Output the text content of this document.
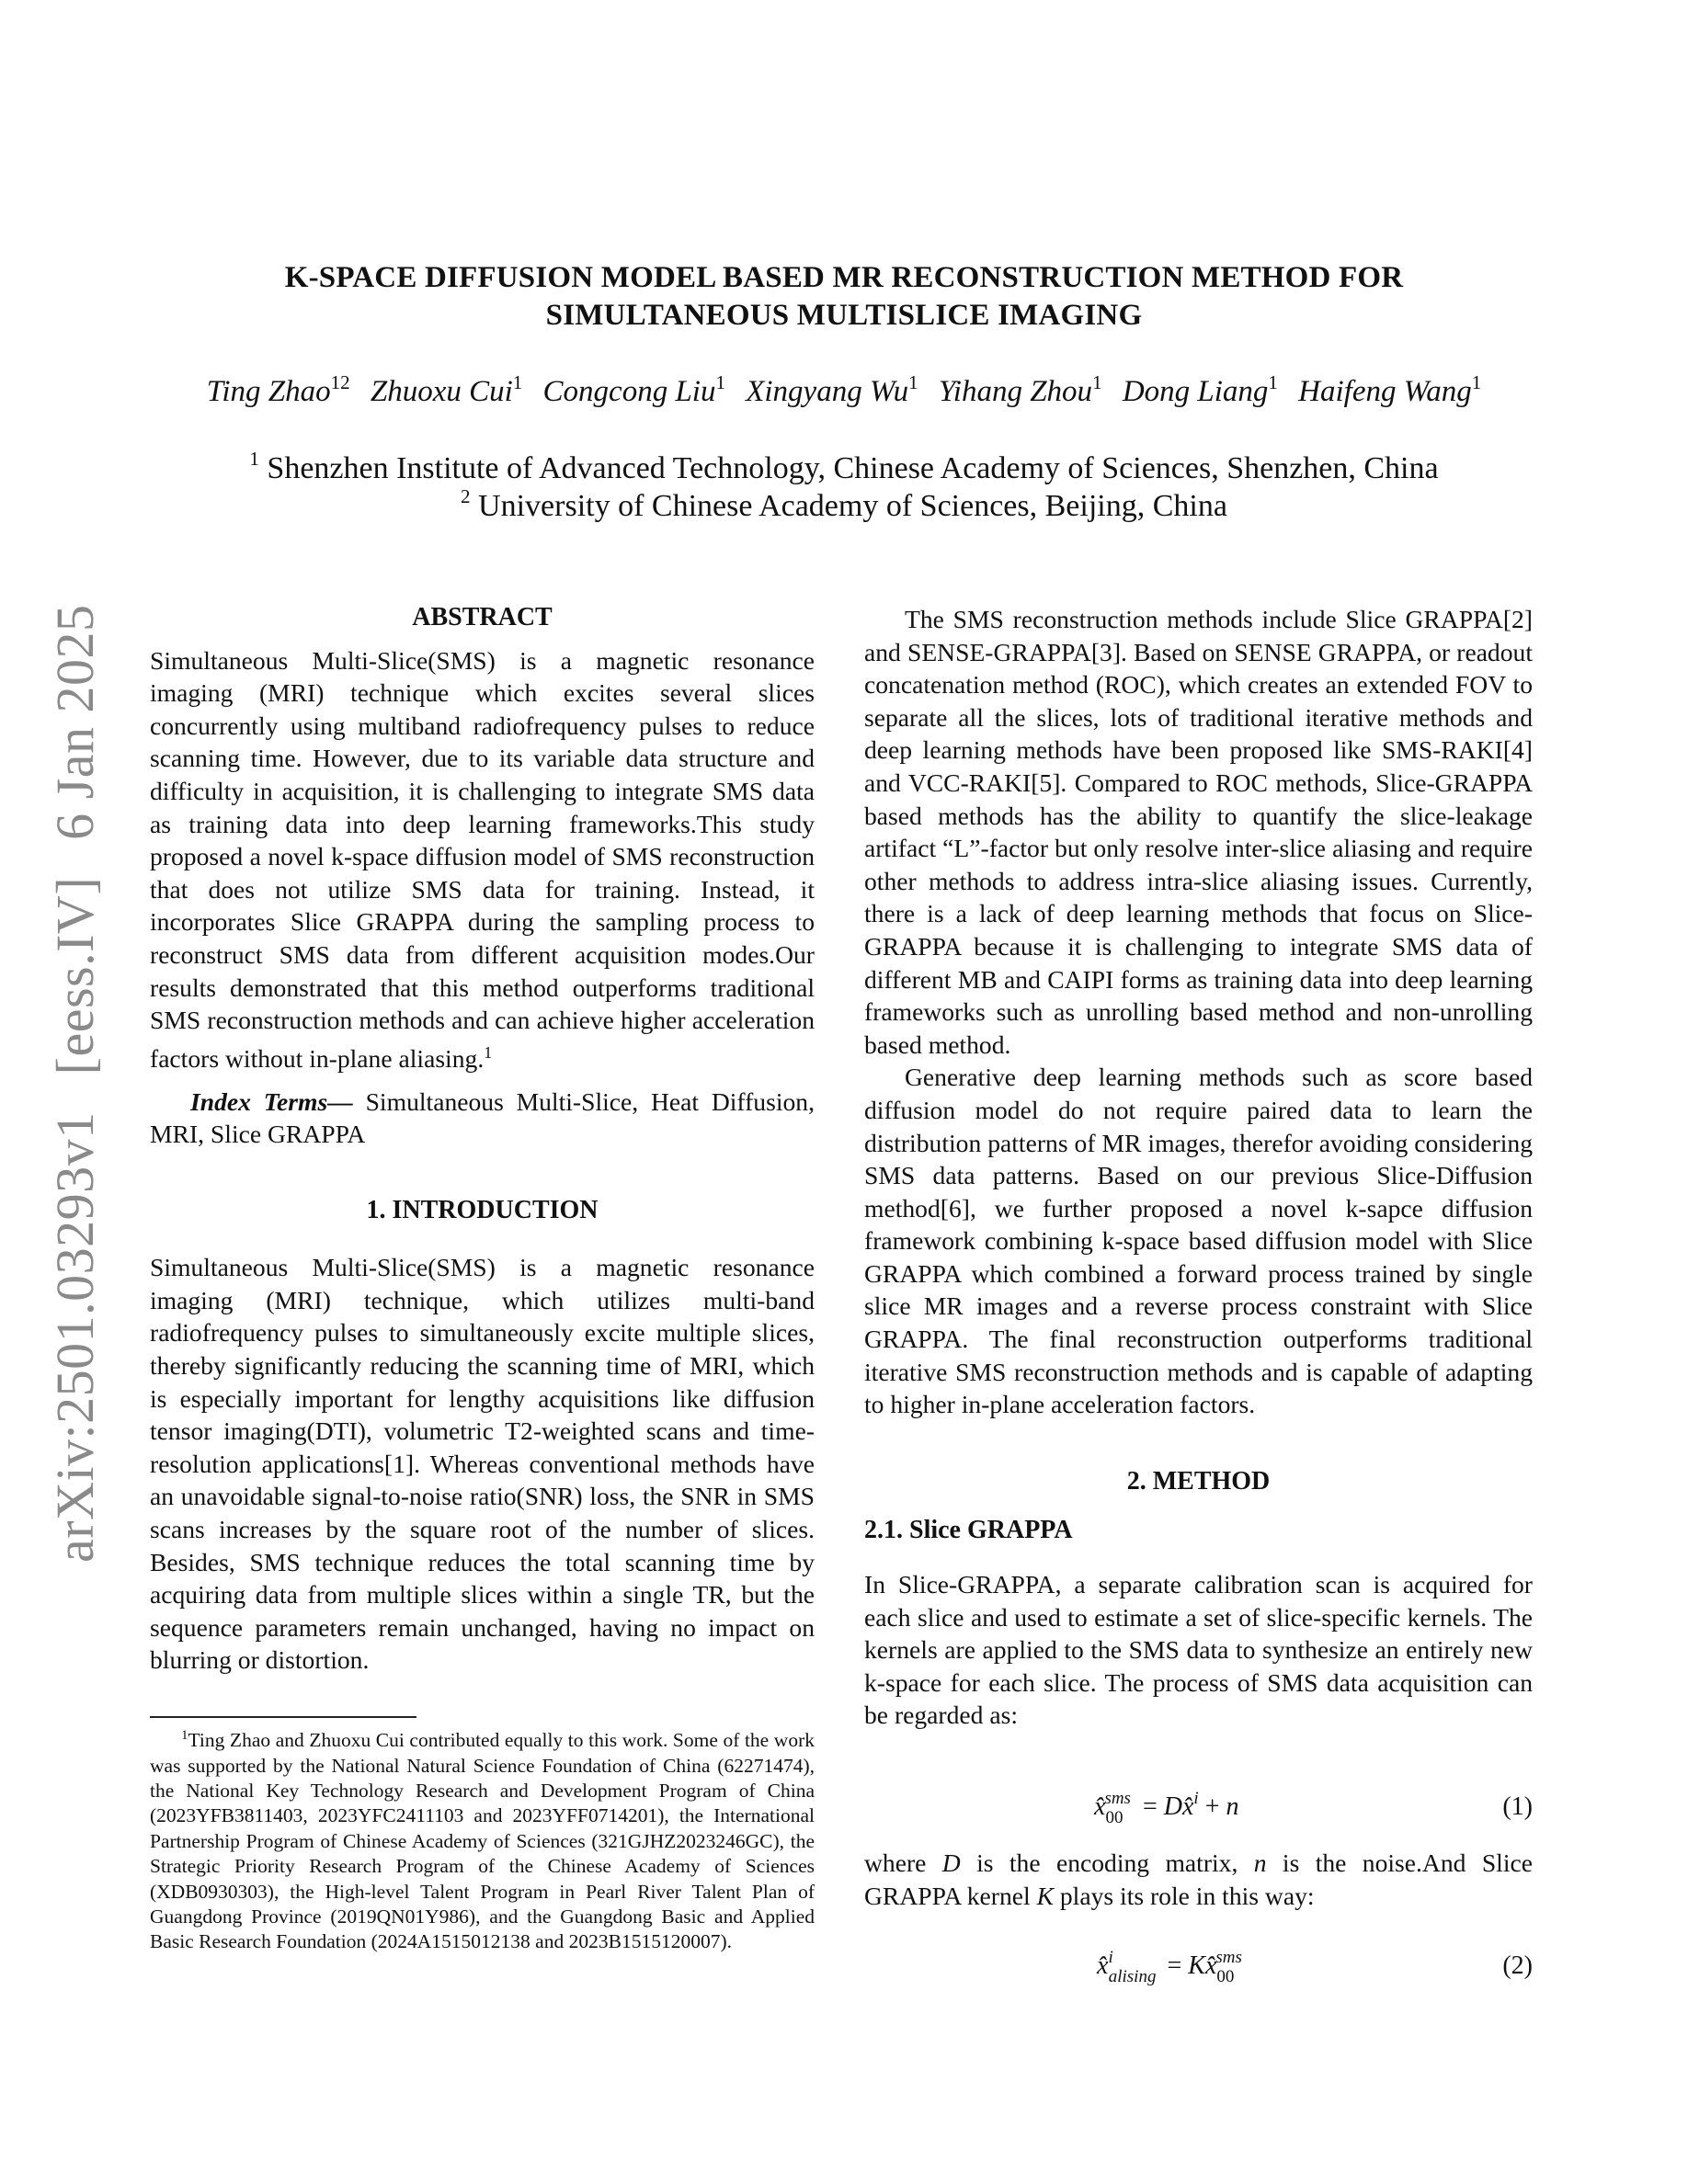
K-SPACE DIFFUSION MODEL BASED MR RECONSTRUCTION METHOD FOR
SIMULTANEOUS MULTISLICE IMAGING
Ting Zhao$^{12}$ Zhuoxu Cui$^1$ Congcong Liu$^1$ Xingyang Wu$^1$ Yihang Zhou$^1$ Dong Liang$^1$ Haifeng Wang$^1$
$^1$ Shenzhen Institute of Advanced Technology, Chinese Academy of Sciences, Shenzhen, China
$^2$ University of Chinese Academy of Sciences, Beijing, China
arXiv:2501.03293v1[eess.IV]6 Jan 2025	ABSTRACT

Simultaneous Multi-Slice(SMS) is a magnetic resonance imaging (MRI) technique which excites several slices concurrently using multiband radiofrequency pulses to reduce scanning time. However, due to its variable data structure and difficulty in acquisition, it is challenging to integrate SMS data as training data into deep learning frameworks.This study proposed a novel k-space diffusion model of SMS reconstruction that does not utilize SMS data for training. Instead, it incorporates Slice GRAPPA during the sampling process to reconstruct SMS data from different acquisition modes.Our results demonstrated that this method outperforms traditional SMS reconstruction methods and can achieve higher acceleration factors without in-plane aliasing.$^1$

Index Terms— Simultaneous Multi-Slice, Heat Diffusion, MRI, Slice GRAPPA

1. INTRODUCTION

Simultaneous Multi-Slice(SMS) is a magnetic resonance imaging (MRI) technique, which utilizes multi-band radiofrequency pulses to simultaneously excite multiple slices, thereby significantly reducing the scanning time of MRI, which is especially important for lengthy acquisitions like diffusion tensor imaging(DTI), volumetric T2-weighted scans and time-resolution applications[1]. Whereas conventional methods have an unavoidable signal-to-noise ratio(SNR) loss, the SNR in SMS scans increases by the square root of the number of slices. Besides, SMS technique reduces the total scanning time by acquiring data from multiple slices within a single TR, but the sequence parameters remain unchanged, having no impact on blurring or distortion.

$^1$Ting Zhao and Zhuoxu Cui contributed equally to this work. Some of the work was supported by the National Natural Science Foundation of China (62271474), the National Key Technology Research and Development Program of China (2023YFB3811403, 2023YFC2411103 and 2023YFF0714201), the International Partnership Program of Chinese Academy of Sciences (321GJHZ2023246GC), the Strategic Priority Research Program of the Chinese Academy of Sciences (XDB0930303), the High-level Talent Program in Pearl River Talent Plan of Guangdong Province (2019QN01Y986), and the Guangdong Basic and Applied Basic Research Foundation (2024A1515012138 and 2023B1515120007).

The SMS reconstruction methods include Slice GRAPPA[2] and SENSE-GRAPPA[3]. Based on SENSE GRAPPA, or readout concatenation method (ROC), which creates an extended FOV to separate all the slices, lots of traditional iterative methods and deep learning methods have been proposed like SMS-RAKI[4] and VCC-RAKI[5]. Compared to ROC methods, Slice-GRAPPA based methods has the ability to quantify the slice-leakage artifact “L”-factor but only resolve inter-slice aliasing and require other methods to address intra-slice aliasing issues. Currently, there is a lack of deep learning methods that focus on Slice-GRAPPA because it is challenging to integrate SMS data of different MB and CAIPI forms as training data into deep learning frameworks such as unrolling based method and non-unrolling based method.

Generative deep learning methods such as score based diffusion model do not require paired data to learn the distribution patterns of MR images, therefor avoiding considering SMS data patterns. Based on our previous Slice-Diffusion method[6], we further proposed a novel k-sapce diffusion framework combining k-space based diffusion model with Slice GRAPPA which combined a forward process trained by single slice MR images and a reverse process constraint with Slice GRAPPA. The final reconstruction outperforms traditional iterative SMS reconstruction methods and is capable of adapting to higher in-plane acceleration factors.

2. METHOD
2.1. Slice GRAPPA

In Slice-GRAPPA, a separate calibration scan is acquired for each slice and used to estimate a set of slice-specific kernels. The kernels are applied to the SMS data to synthesize an entirely new k-space for each slice. The process of SMS data acquisition can be regarded as:

$x̂_{00}^{sms}$ = Dx̂$^i$ + n	(1)

where D is the encoding matrix, n is the noise.And Slice GRAPPA kernel K plays its role in this way:

x̂$^i_{alising}$ = $Kx̂_{00}^{sms}$	(2)
